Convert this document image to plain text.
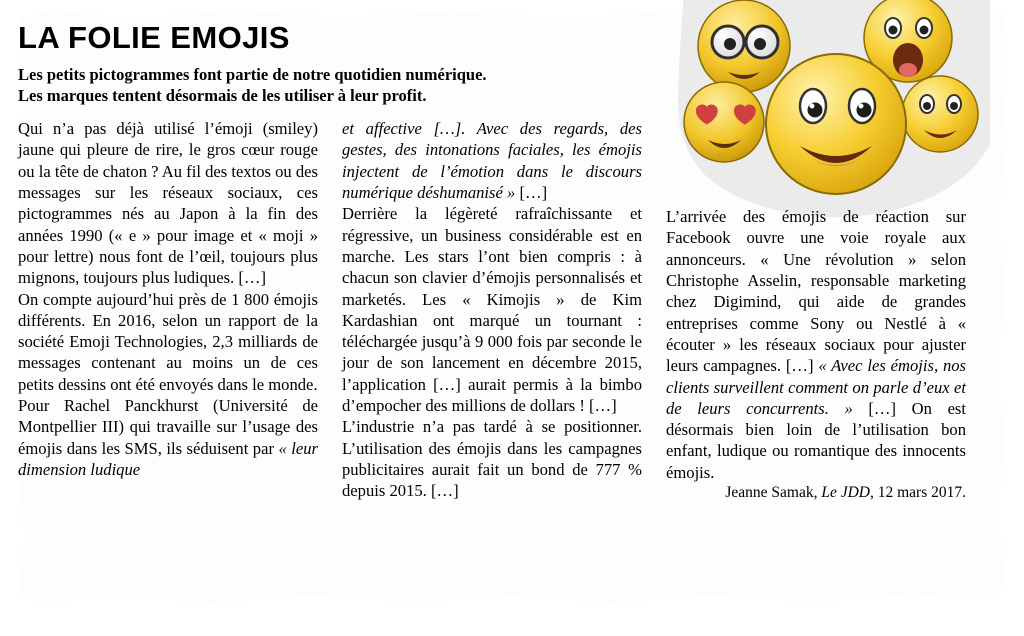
LA FOLIE EMOJIS
Les petits pictogrammes font partie de notre quotidien numérique.
Les marques tentent désormais de les utiliser à leur profit.

Qui n’a pas déjà utilisé l’émoji (smiley) jaune qui pleure de rire, le gros cœur rouge ou la tête de chaton ? Au fil des textos ou des messages sur les réseaux sociaux, ces pictogrammes nés au Japon à la fin des années 1990 (« e » pour image et « moji » pour lettre) nous font de l’œil, toujours plus mignons, toujours plus ludiques. […]

On compte aujourd’hui près de 1 800 émojis différents. En 2016, selon un rapport de la société Emoji Technologies, 2,3 milliards de messages contenant au moins un de ces petits dessins ont été envoyés dans le monde.

Pour Rachel Panckhurst (Université de Montpellier III) qui travaille sur l’usage des émojis dans les SMS, ils séduisent par « leur dimension ludique

et affective […]. Avec des regards, des gestes, des intonations faciales, les émojis injectent de l’émotion dans le discours numérique déshumanisé » […]

Derrière la légèreté rafraîchissante et régressive, un business considérable est en marche. Les stars l’ont bien compris : à chacun son clavier d’émojis personnalisés et marketés. Les « Kimojis » de Kim Kardashian ont marqué un tournant : téléchargée jusqu’à 9 000 fois par seconde le jour de son lancement en décembre 2015, l’application […] aurait permis à la bimbo d’empocher des millions de dollars ! […]

L’industrie n’a pas tardé à se positionner. L’utilisation des émojis dans les campagnes publicitaires aurait fait un bond de 777 % depuis 2015. […]

L’arrivée des émojis de réaction sur Facebook ouvre une voie royale aux annonceurs. « Une révolution » selon Christophe Asselin, responsable marketing chez Digimind, qui aide de grandes entreprises comme Sony ou Nestlé à « écouter » les réseaux sociaux pour ajuster leurs campagnes. […] « Avec les émojis, nos clients surveillent comment on parle d’eux et de leurs concurrents. » […] On est désormais bien loin de l’utilisation bon enfant, ludique ou romantique des innocents émojis.

Jeanne Samak, Le JDD, 12 mars 2017.
